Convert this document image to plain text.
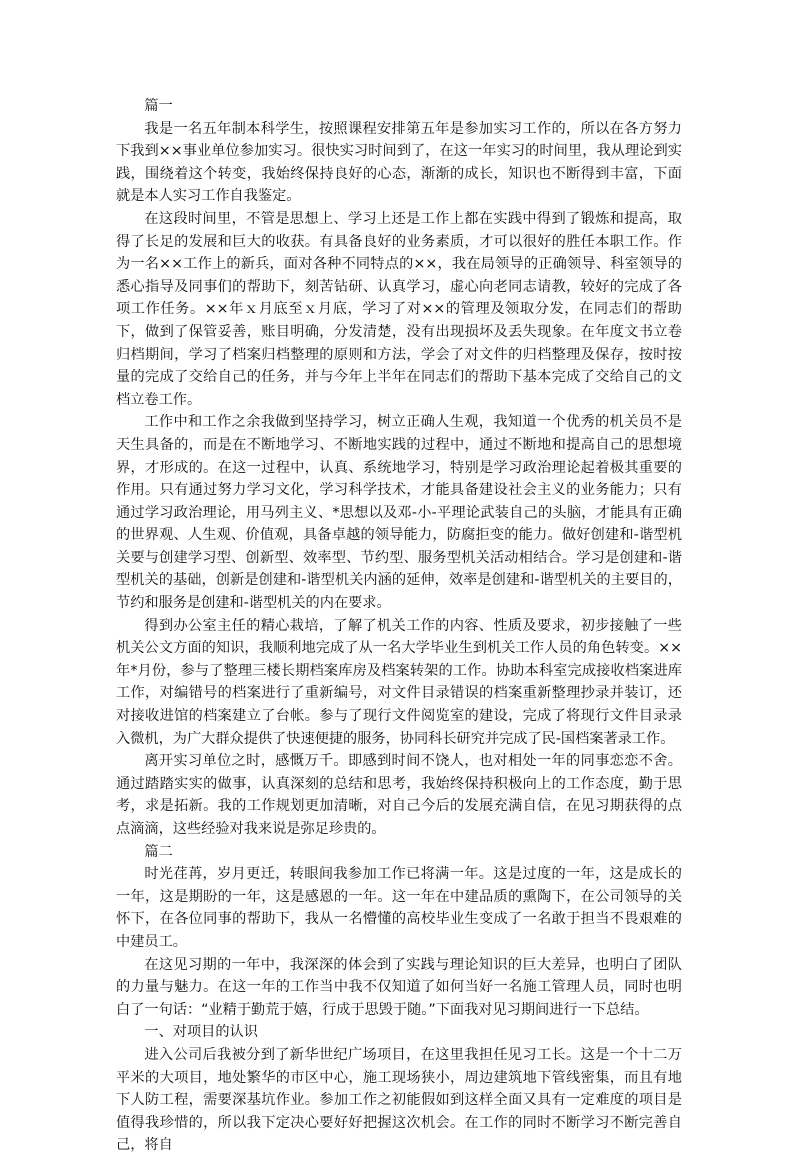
篇一

我是一名五年制本科学生，按照课程安排第五年是参加实习工作的，所以在各方努力下我到××事业单位参加实习。很快实习时间到了，在这一年实习的时间里，我从理论到实践，围绕着这个转变，我始终保持良好的心态，渐渐的成长，知识也不断得到丰富，下面就是本人实习工作自我鉴定。

在这段时间里，不管是思想上、学习上还是工作上都在实践中得到了锻炼和提高，取得了长足的发展和巨大的收获。有具备良好的业务素质，才可以很好的胜任本职工作。作为一名××工作上的新兵，面对各种不同特点的××，我在局领导的正确领导、科室领导的悉心指导及同事们的帮助下，刻苦钻研、认真学习，虚心向老同志请教，较好的完成了各项工作任务。××年ｘ月底至ｘ月底，学习了对××的管理及领取分发，在同志们的帮助下，做到了保管妥善，账目明确，分发清楚，没有出现损坏及丢失现象。在年度文书立卷归档期间，学习了档案归档整理的原则和方法，学会了对文件的归档整理及保存，按时按量的完成了交给自己的任务，并与今年上半年在同志们的帮助下基本完成了交给自己的文档立卷工作。

工作中和工作之余我做到坚持学习，树立正确人生观，我知道一个优秀的机关员不是天生具备的，而是在不断地学习、不断地实践的过程中，通过不断地和提高自己的思想境界，才形成的。在这一过程中，认真、系统地学习，特别是学习政治理论起着极其重要的作用。只有通过努力学习文化，学习科学技术，才能具备建设社会主义的业务能力；只有通过学习政治理论，用马列主义、*思想以及邓-小-平理论武装自己的头脑，才能具有正确的世界观、人生观、价值观，具备卓越的领导能力，防腐拒变的能力。做好创建和-谐型机关要与创建学习型、创新型、效率型、节约型、服务型机关活动相结合。学习是创建和-谐型机关的基础，创新是创建和-谐型机关内涵的延伸，效率是创建和-谐型机关的主要目的，节约和服务是创建和-谐型机关的内在要求。

得到办公室主任的精心栽培，了解了机关工作的内容、性质及要求，初步接触了一些机关公文方面的知识，我顺利地完成了从一名大学毕业生到机关工作人员的角色转变。××年*月份，参与了整理三楼长期档案库房及档案转架的工作。协助本科室完成接收档案进库工作，对编错号的档案进行了重新编号，对文件目录错误的档案重新整理抄录并装订，还对接收进馆的档案建立了台帐。参与了现行文件阅览室的建设，完成了将现行文件目录录入微机，为广大群众提供了快速便捷的服务，协同科长研究并完成了民-国档案著录工作。

离开实习单位之时，感慨万千。即感到时间不饶人，也对相处一年的同事恋恋不舍。通过踏踏实实的做事，认真深刻的总结和思考，我始终保持积极向上的工作态度，勤于思考，求是拓新。我的工作规划更加清晰，对自己今后的发展充满自信，在见习期获得的点点滴滴，这些经验对我来说是弥足珍贵的。

篇二

时光荏苒，岁月更迁，转眼间我参加工作已将满一年。这是过度的一年，这是成长的一年，这是期盼的一年，这是感恩的一年。这一年在中建品质的熏陶下，在公司领导的关怀下，在各位同事的帮助下，我从一名懵懂的高校毕业生变成了一名敢于担当不畏艰难的中建员工。

在这见习期的一年中，我深深的体会到了实践与理论知识的巨大差异，也明白了团队的力量与魅力。在这一年的工作当中我不仅知道了如何当好一名施工管理人员，同时也明白了一句话：“业精于勤荒于嬉，行成于思毁于随。”下面我对见习期间进行一下总结。

一、对项目的认识

进入公司后我被分到了新华世纪广场项目，在这里我担任见习工长。这是一个十二万平米的大项目，地处繁华的市区中心，施工现场狭小，周边建筑地下管线密集，而且有地下人防工程，需要深基坑作业。参加工作之初能假如到这样全面又具有一定难度的项目是值得我珍惜的，所以我下定决心要好好把握这次机会。在工作的同时不断学习不断完善自己，将自
